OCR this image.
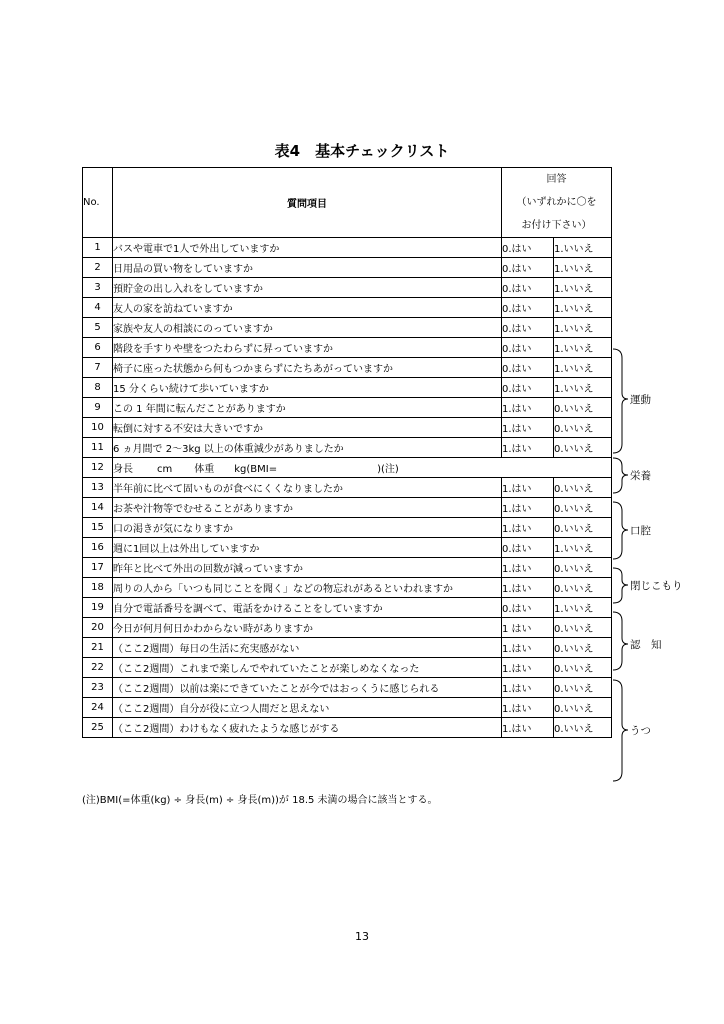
表4　基本チェックリスト
No.	質問項目	回答
（いずれかに〇を
お付け下さい）	

1	バスや電車で1人で外出していますか	0.はい	1.いいえ
2	日用品の買い物をしていますか	0.はい	1.いいえ
3	預貯金の出し入れをしていますか	0.はい	1.いいえ
4	友人の家を訪ねていますか	0.はい	1.いいえ
5	家族や友人の相談にのっていますか	0.はい	1.いいえ
6	階段を手すりや壁をつたわらずに昇っていますか	0.はい	1.いいえ
7	椅子に座った状態から何もつかまらずにたちあがっていますか	0.はい	1.いいえ
8	15 分くらい続けて歩いていますか	0.はい	1.いいえ
9	この 1 年間に転んだことがありますか	1.はい	0.いいえ
10	転倒に対する不安は大きいですか	1.はい	0.いいえ
11	6 ヵ月間で 2～3kg 以上の体重減少がありましたか	1.はい	0.いいえ
12	身長 cm 体重 kg(BMI= )(注)		
13	半年前に比べて固いものが食べにくくなりましたか	1.はい	0.いいえ
14	お茶や汁物等でむせることがありますか	1.はい	0.いいえ
15	口の渇きが気になりますか	1.はい	0.いいえ
16	週に1回以上は外出していますか	0.はい	1.いいえ
17	昨年と比べて外出の回数が減っていますか	1.はい	0.いいえ
18	周りの人から「いつも同じことを聞く」などの物忘れがあるといわれますか	1.はい	0.いいえ
19	自分で電話番号を調べて、電話をかけることをしていますか	0.はい	1.いいえ
20	今日が何月何日かわからない時がありますか	1 はい	0.いいえ
21	（ここ2週間）毎日の生活に充実感がない	1.はい	0.いいえ
22	（ここ2週間）これまで楽しんでやれていたことが楽しめなくなった	1.はい	0.いいえ
23	（ここ2週間）以前は楽にできていたことが今ではおっくうに感じられる	1.はい	0.いいえ
24	（ここ2週間）自分が役に立つ人間だと思えない	1.はい	0.いいえ
25	（ここ2週間）わけもなく疲れたような感じがする	1.はい	0.いいえ
運動
栄養
口腔
閉じこもり
認　知
うつ
(注)BMI(=体重(kg) ÷ 身長(m) ÷ 身長(m))が 18.5 未満の場合に該当とする。
13
